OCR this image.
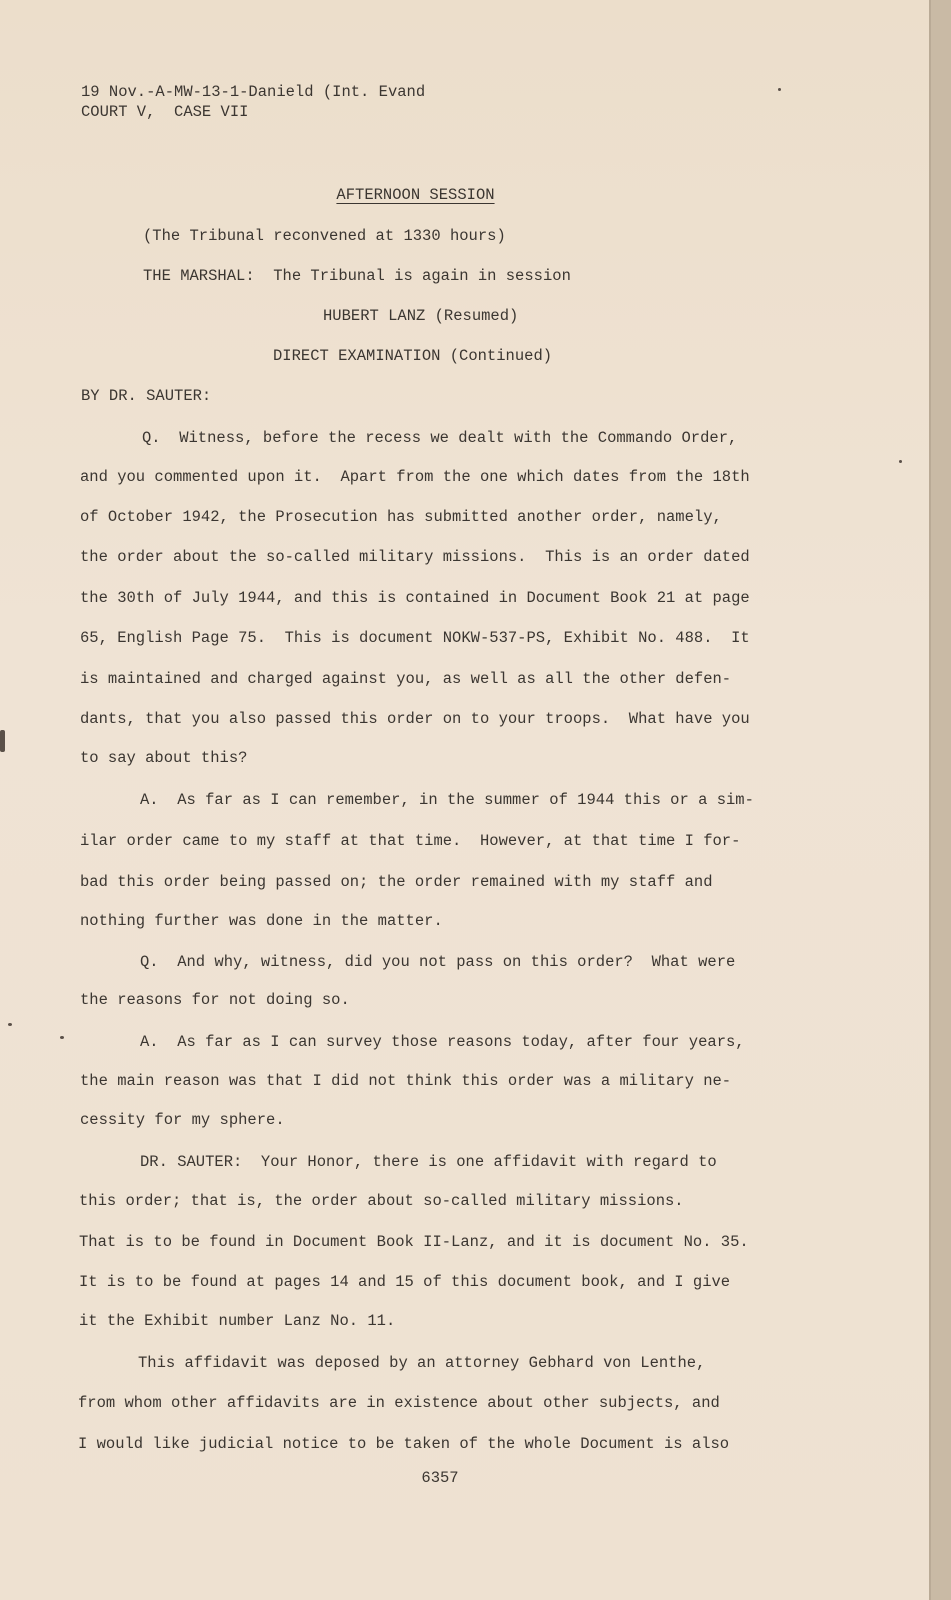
19 Nov.-A-MW-13-1-Danield (Int. Evand
COURT V,  CASE VII
AFTERNOON SESSION
(The Tribunal reconvened at 1330 hours)
THE MARSHAL:  The Tribunal is again in session
HUBERT LANZ (Resumed)
DIRECT EXAMINATION (Continued)
BY DR. SAUTER:
Q.  Witness, before the recess we dealt with the Commando Order,
and you commented upon it.  Apart from the one which dates from the 18th
of October 1942, the Prosecution has submitted another order, namely,
the order about the so-called military missions.  This is an order dated
the 30th of July 1944, and this is contained in Document Book 21 at page
65, English Page 75.  This is document NOKW-537-PS, Exhibit No. 488.  It
is maintained and charged against you, as well as all the other defen-
dants, that you also passed this order on to your troops.  What have you
to say about this?
A.  As far as I can remember, in the summer of 1944 this or a sim-
ilar order came to my staff at that time.  However, at that time I for-
bad this order being passed on; the order remained with my staff and
nothing further was done in the matter.
Q.  And why, witness, did you not pass on this order?  What were
the reasons for not doing so.
A.  As far as I can survey those reasons today, after four years,
the main reason was that I did not think this order was a military ne-
cessity for my sphere.
DR. SAUTER:  Your Honor, there is one affidavit with regard to
this order; that is, the order about so-called military missions.
That is to be found in Document Book II-Lanz, and it is document No. 35.
It is to be found at pages 14 and 15 of this document book, and I give
it the Exhibit number Lanz No. 11.
This affidavit was deposed by an attorney Gebhard von Lenthe,
from whom other affidavits are in existence about other subjects, and
I would like judicial notice to be taken of the whole Document is also
6357
